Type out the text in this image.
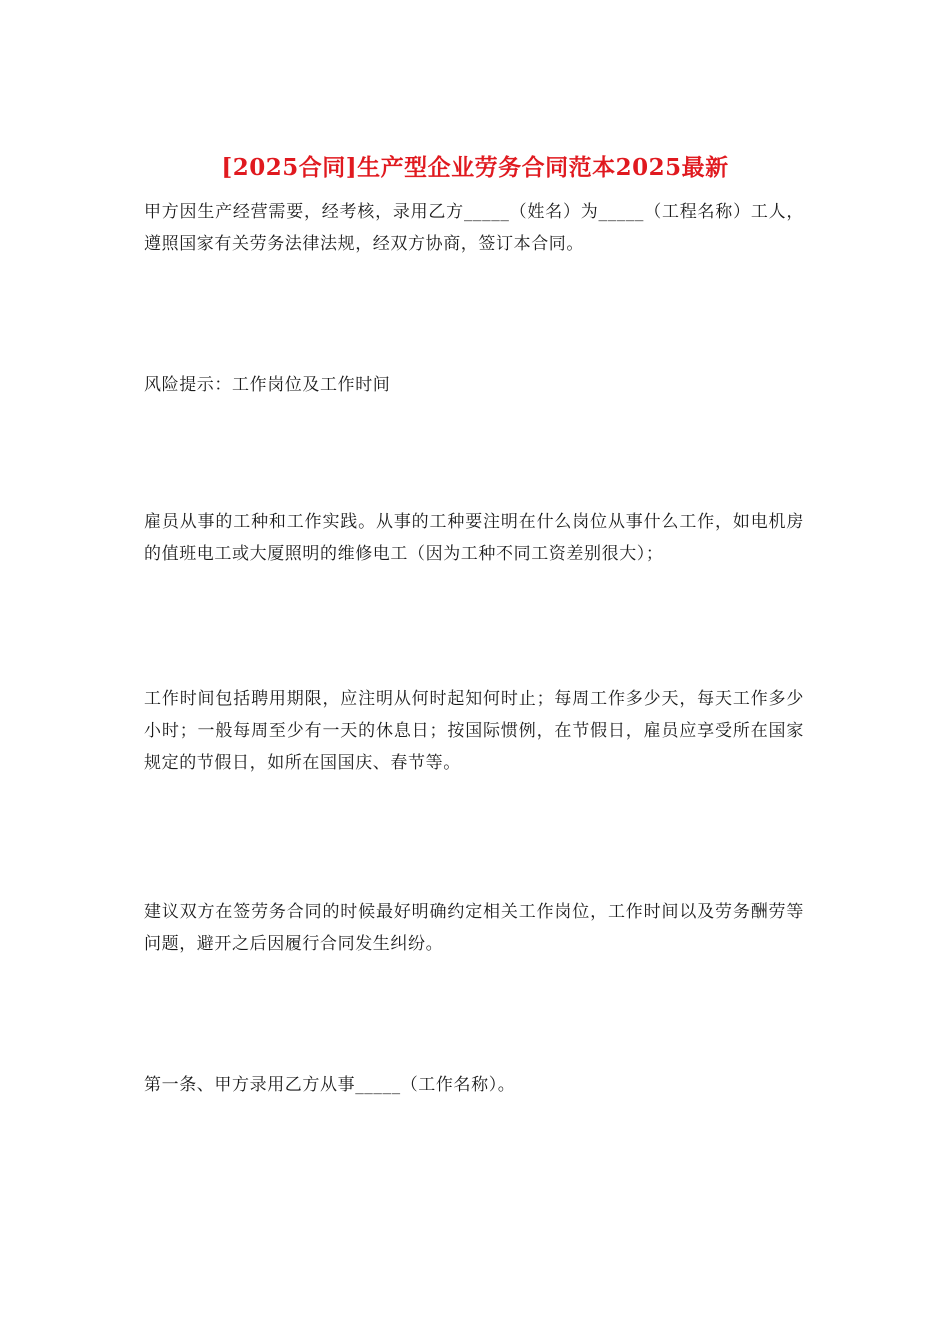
[2025合同]生产型企业劳务合同范本2025最新

甲方因生产经营需要，经考核，录用乙方_____（姓名）为_____（工程名称）工人，遵照国家有关劳务法律法规，经双方协商，签订本合同。

风险提示：工作岗位及工作时间

雇员从事的工种和工作实践。从事的工种要注明在什么岗位从事什么工作，如电机房的值班电工或大厦照明的维修电工（因为工种不同工资差别很大）；

工作时间包括聘用期限，应注明从何时起知何时止；每周工作多少天，每天工作多少小时；一般每周至少有一天的休息日；按国际惯例，在节假日，雇员应享受所在国家规定的节假日，如所在国国庆、春节等。

建议双方在签劳务合同的时候最好明确约定相关工作岗位，工作时间以及劳务酬劳等问题，避开之后因履行合同发生纠纷。

第一条、甲方录用乙方从事_____（工作名称）。
